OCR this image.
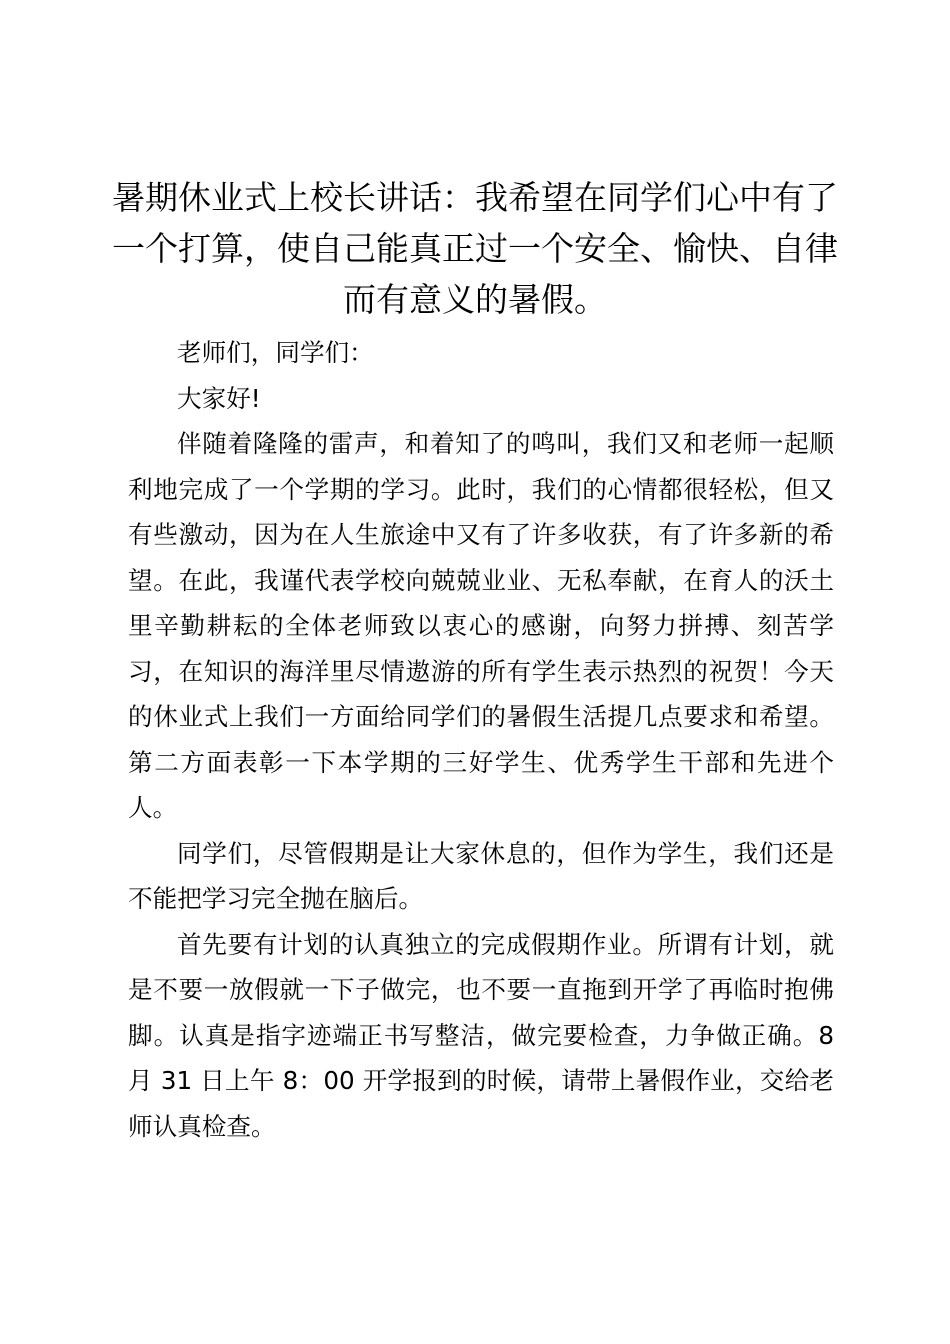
暑期休业式上校长讲话：我希望在同学们心中有了一个打算，使自己能真正过一个安全、愉快、自律而有意义的暑假。

老师们，同学们：

大家好!

伴随着隆隆的雷声，和着知了的鸣叫，我们又和老师一起顺利地完成了一个学期的学习。此时，我们的心情都很轻松，但又有些激动，因为在人生旅途中又有了许多收获，有了许多新的希望。在此，我谨代表学校向兢兢业业、无私奉献，在育人的沃土里辛勤耕耘的全体老师致以衷心的感谢，向努力拼搏、刻苦学习，在知识的海洋里尽情遨游的所有学生表示热烈的祝贺！今天的休业式上我们一方面给同学们的暑假生活提几点要求和希望。第二方面表彰一下本学期的三好学生、优秀学生干部和先进个人。

同学们，尽管假期是让大家休息的，但作为学生，我们还是不能把学习完全抛在脑后。

首先要有计划的认真独立的完成假期作业。所谓有计划，就是不要一放假就一下子做完，也不要一直拖到开学了再临时抱佛脚。认真是指字迹端正书写整洁，做完要检查，力争做正确。8 月 31 日上午 8：00 开学报到的时候，请带上暑假作业，交给老师认真检查。
